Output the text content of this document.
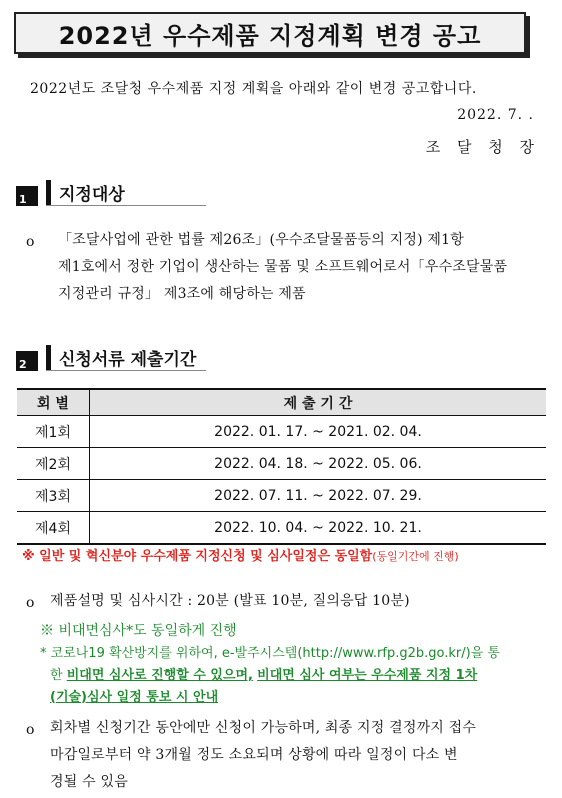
2022년 우수제품 지정계획 변경 공고
2022년도 조달청 우수제품 지정 계획을 아래와 같이 변경 공고합니다.
2022. 7. .
조 달 청 장
1	지정대상
o 「조달사업에 관한 법률 제26조」(우수조달물품등의 지정) 제1항
제1호에서 정한 기업이 생산하는 물품 및 소프트웨어로서「우수조달물품
지정관리 규정」 제3조에 해당하는 제품
2	신청서류 제출기간
회 별	제 출 기 간
제1회	2022. 01. 17. ~ 2021. 02. 04.
제2회	2022. 04. 18. ~ 2022. 05. 06.
제3회	2022. 07. 11. ~ 2022. 07. 29.
제4회	2022. 10. 04. ~ 2022. 10. 21.
※ 일반 및 혁신분야 우수제품 지정신청 및 심사일정은 동일함(동일기간에 진행)
o 제품설명 및 심사시간 : 20분 (발표 10분, 질의응답 10분)
※ 비대면심사*도 동일하게 진행
* 코로나19 확산방지를 위하여, e-발주시스템(http://www.rfp.g2b.go.kr/)을 통
한 비대면 심사로 진행할 수 있으며, 비대면 심사 여부는 우수제품 지정 1차
(기술)심사 일정 통보 시 안내
o 회차별 신청기간 동안에만 신청이 가능하며, 최종 지정 결정까지 접수
마감일로부터 약 3개월 정도 소요되며 상황에 따라 일정이 다소 변
경될 수 있음
